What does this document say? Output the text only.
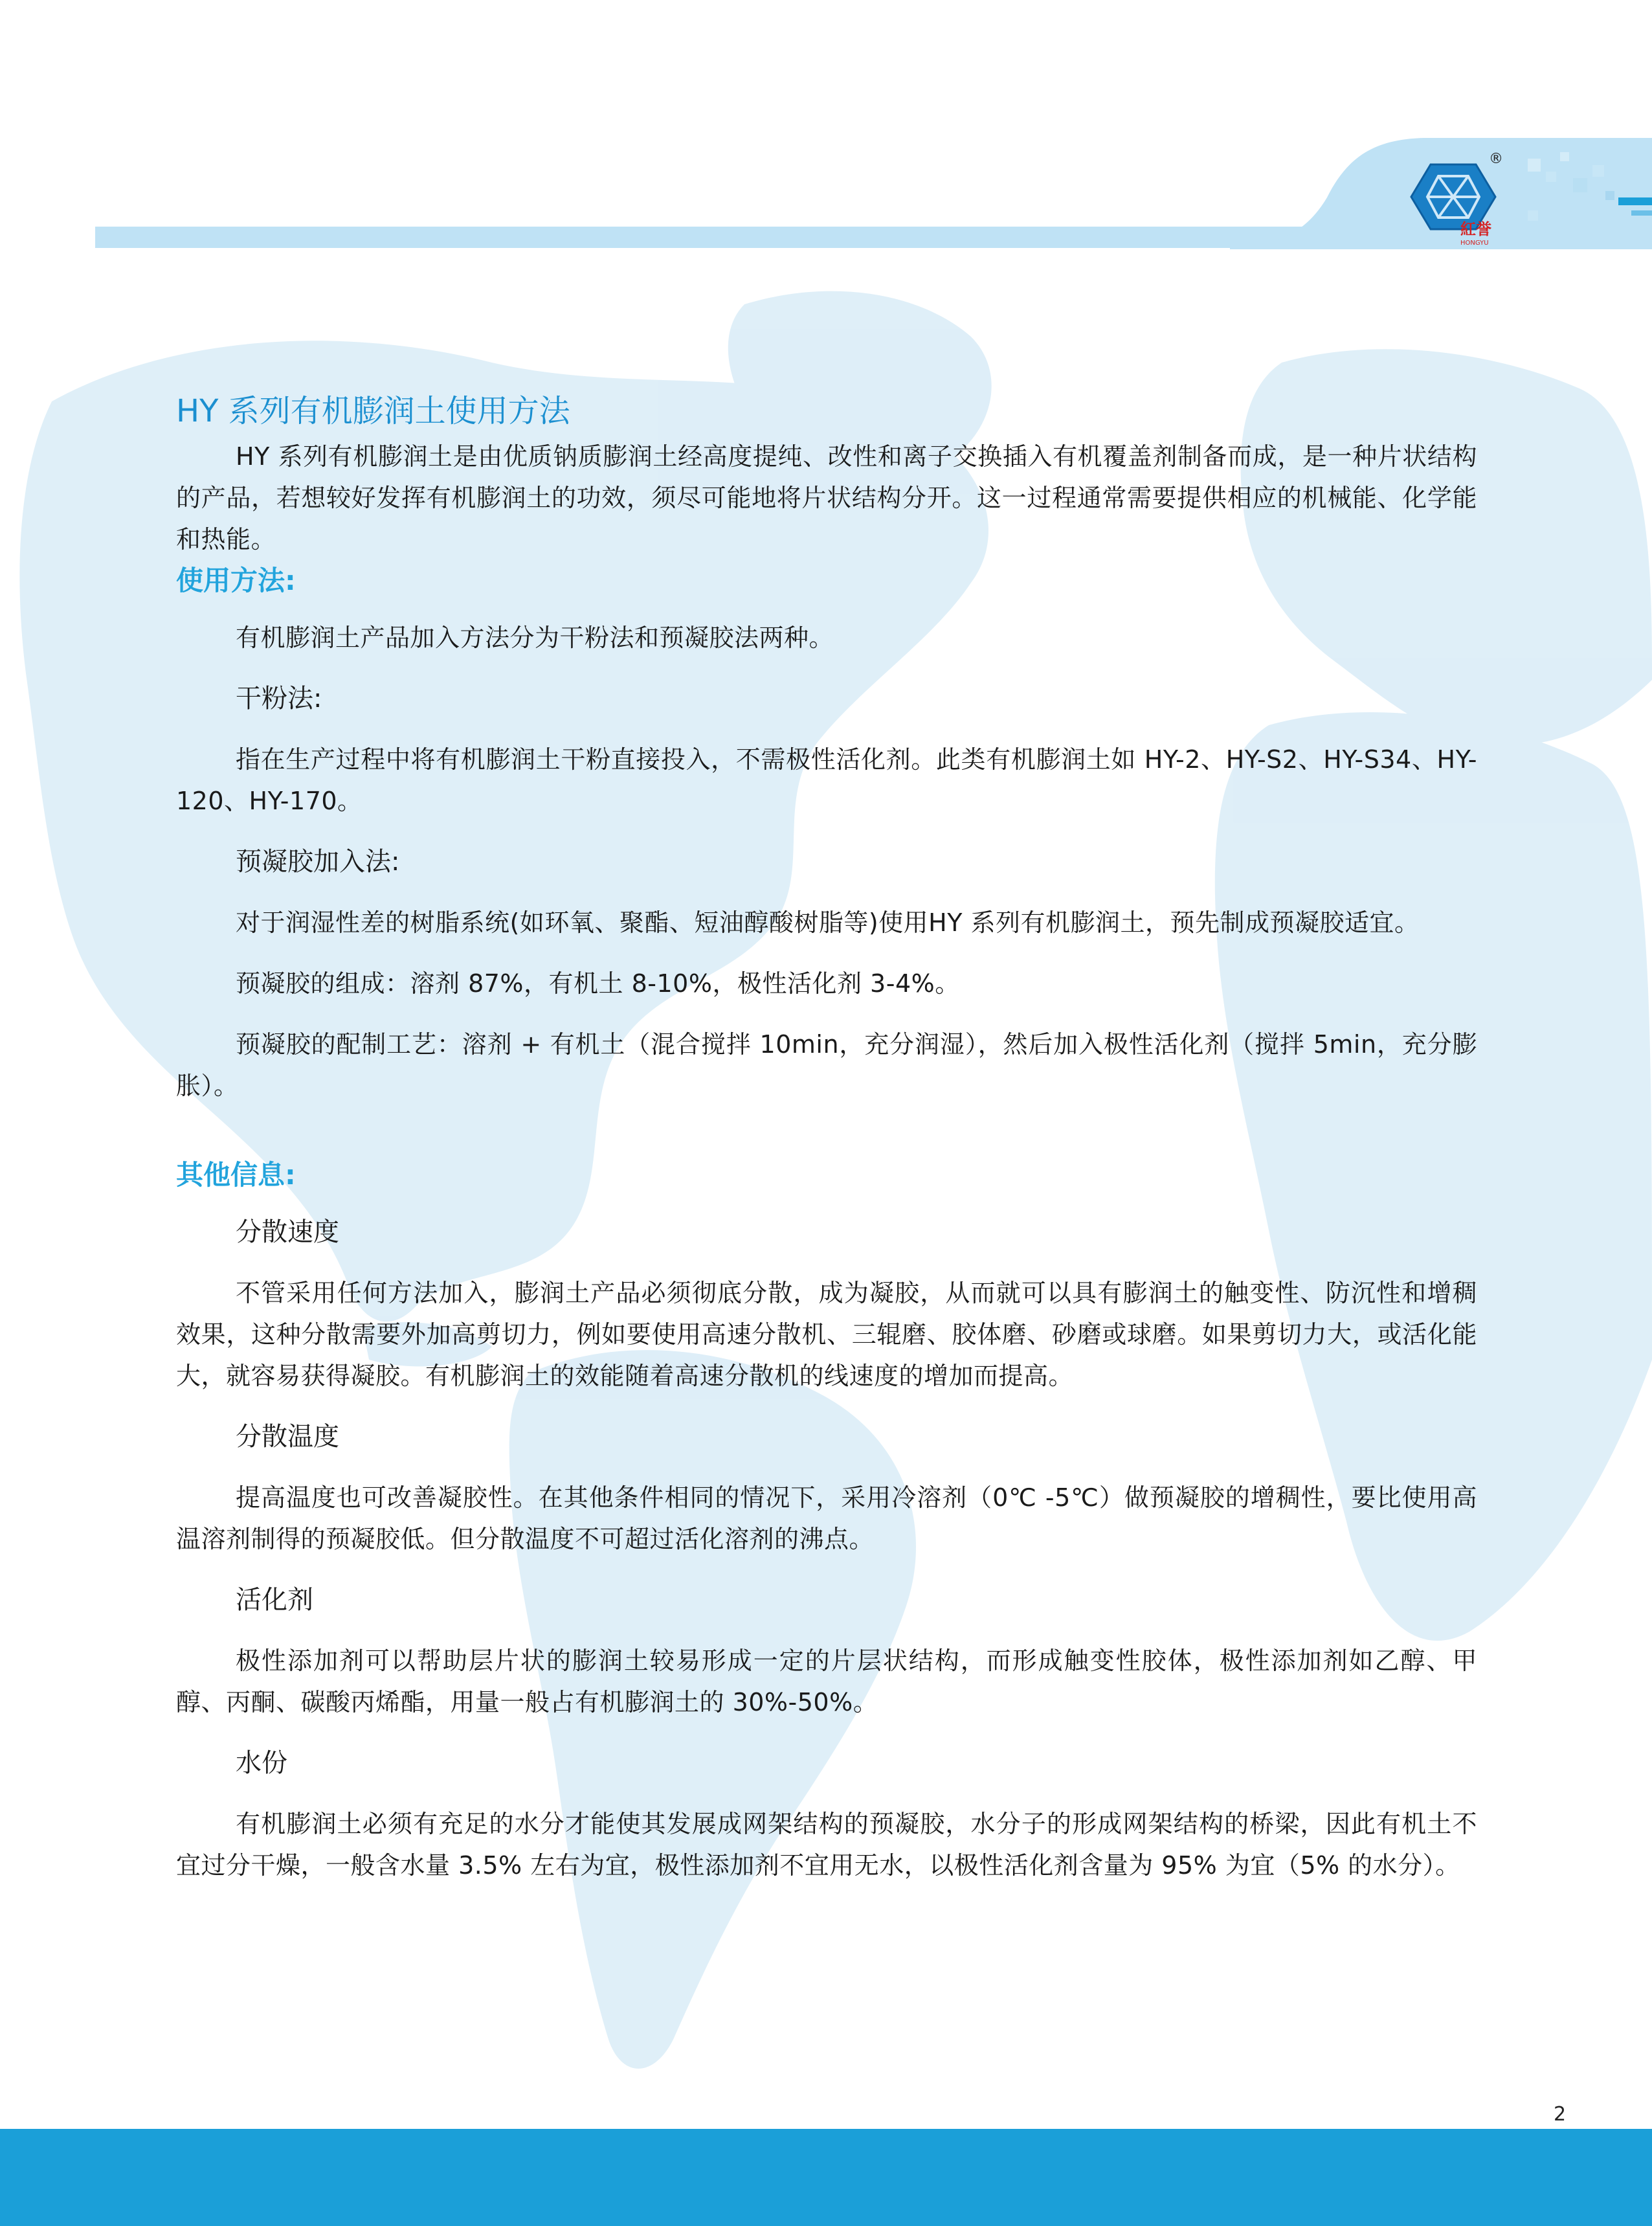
®
紅誉
HONGYU
HY 系列有机膨润土使用方法

HY 系列有机膨润土是由优质钠质膨润土经高度提纯、改性和离子交换插入有机覆盖剂制备而成，是一种片状结构的产品，若想较好发挥有机膨润土的功效，须尽可能地将片状结构分开。这一过程通常需要提供相应的机械能、化学能和热能。

使用方法:

有机膨润土产品加入方法分为干粉法和预凝胶法两种。

干粉法:

指在生产过程中将有机膨润土干粉直接投入，不需极性活化剂。此类有机膨润土如 HY-2、HY-S2、HY-S34、HY-120、HY-170。

预凝胶加入法:

对于润湿性差的树脂系统(如环氧、聚酯、短油醇酸树脂等)使用HY 系列有机膨润土，预先制成预凝胶适宜。

预凝胶的组成：溶剂 87%，有机土 8-10%，极性活化剂 3-4%。

预凝胶的配制工艺：溶剂 + 有机土（混合搅拌 10min，充分润湿），然后加入极性活化剂（搅拌 5min，充分膨胀）。

其他信息:

分散速度

不管采用任何方法加入，膨润土产品必须彻底分散，成为凝胶，从而就可以具有膨润土的触变性、防沉性和增稠效果，这种分散需要外加高剪切力，例如要使用高速分散机、三辊磨、胶体磨、砂磨或球磨。如果剪切力大，或活化能大，就容易获得凝胶。有机膨润土的效能随着高速分散机的线速度的增加而提高。

分散温度

提高温度也可改善凝胶性。在其他条件相同的情况下，采用冷溶剂（0℃ -5℃）做预凝胶的增稠性，要比使用高温溶剂制得的预凝胶低。但分散温度不可超过活化溶剂的沸点。

活化剂

极性添加剂可以帮助层片状的膨润土较易形成一定的片层状结构，而形成触变性胶体，极性添加剂如乙醇、甲醇、丙酮、碳酸丙烯酯，用量一般占有机膨润土的 30%-50%。

水份

有机膨润土必须有充足的水分才能使其发展成网架结构的预凝胶，水分子的形成网架结构的桥梁，因此有机土不宜过分干燥，一般含水量 3.5% 左右为宜，极性添加剂不宜用无水，以极性活化剂含量为 95% 为宜（5% 的水分）。

2
